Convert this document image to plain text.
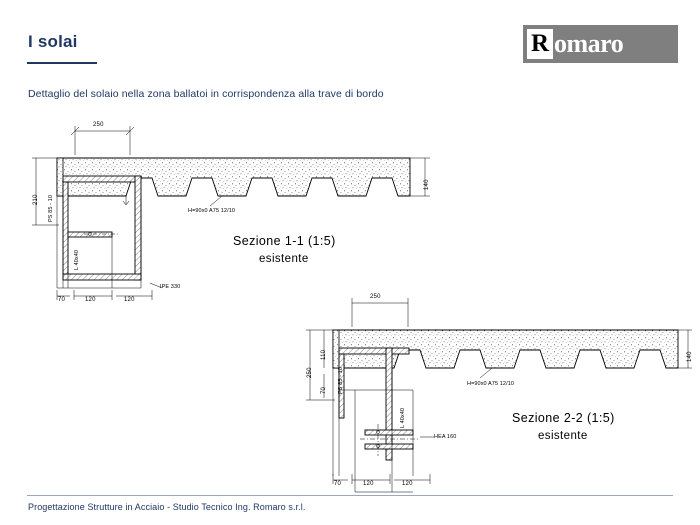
I solai
Dettaglio del solaio nella zona ballatoi in corrispondenza alla trave di bordo
R omaro
250
210
140
70	120	120
H=90x0 A75 12/10
PS 85 - 10
L 40x40
IPE 330
Sezione 1-1 (1:5)
esistente
250
250
110
70
140
70	120	120
H=90x0 A75 12/10
PS 85 - 10
L 40x40
HEA 160
Sezione 2-2 (1:5)
esistente
Progettazione Strutture in Acciaio - Studio Tecnico Ing. Romaro s.r.l.
